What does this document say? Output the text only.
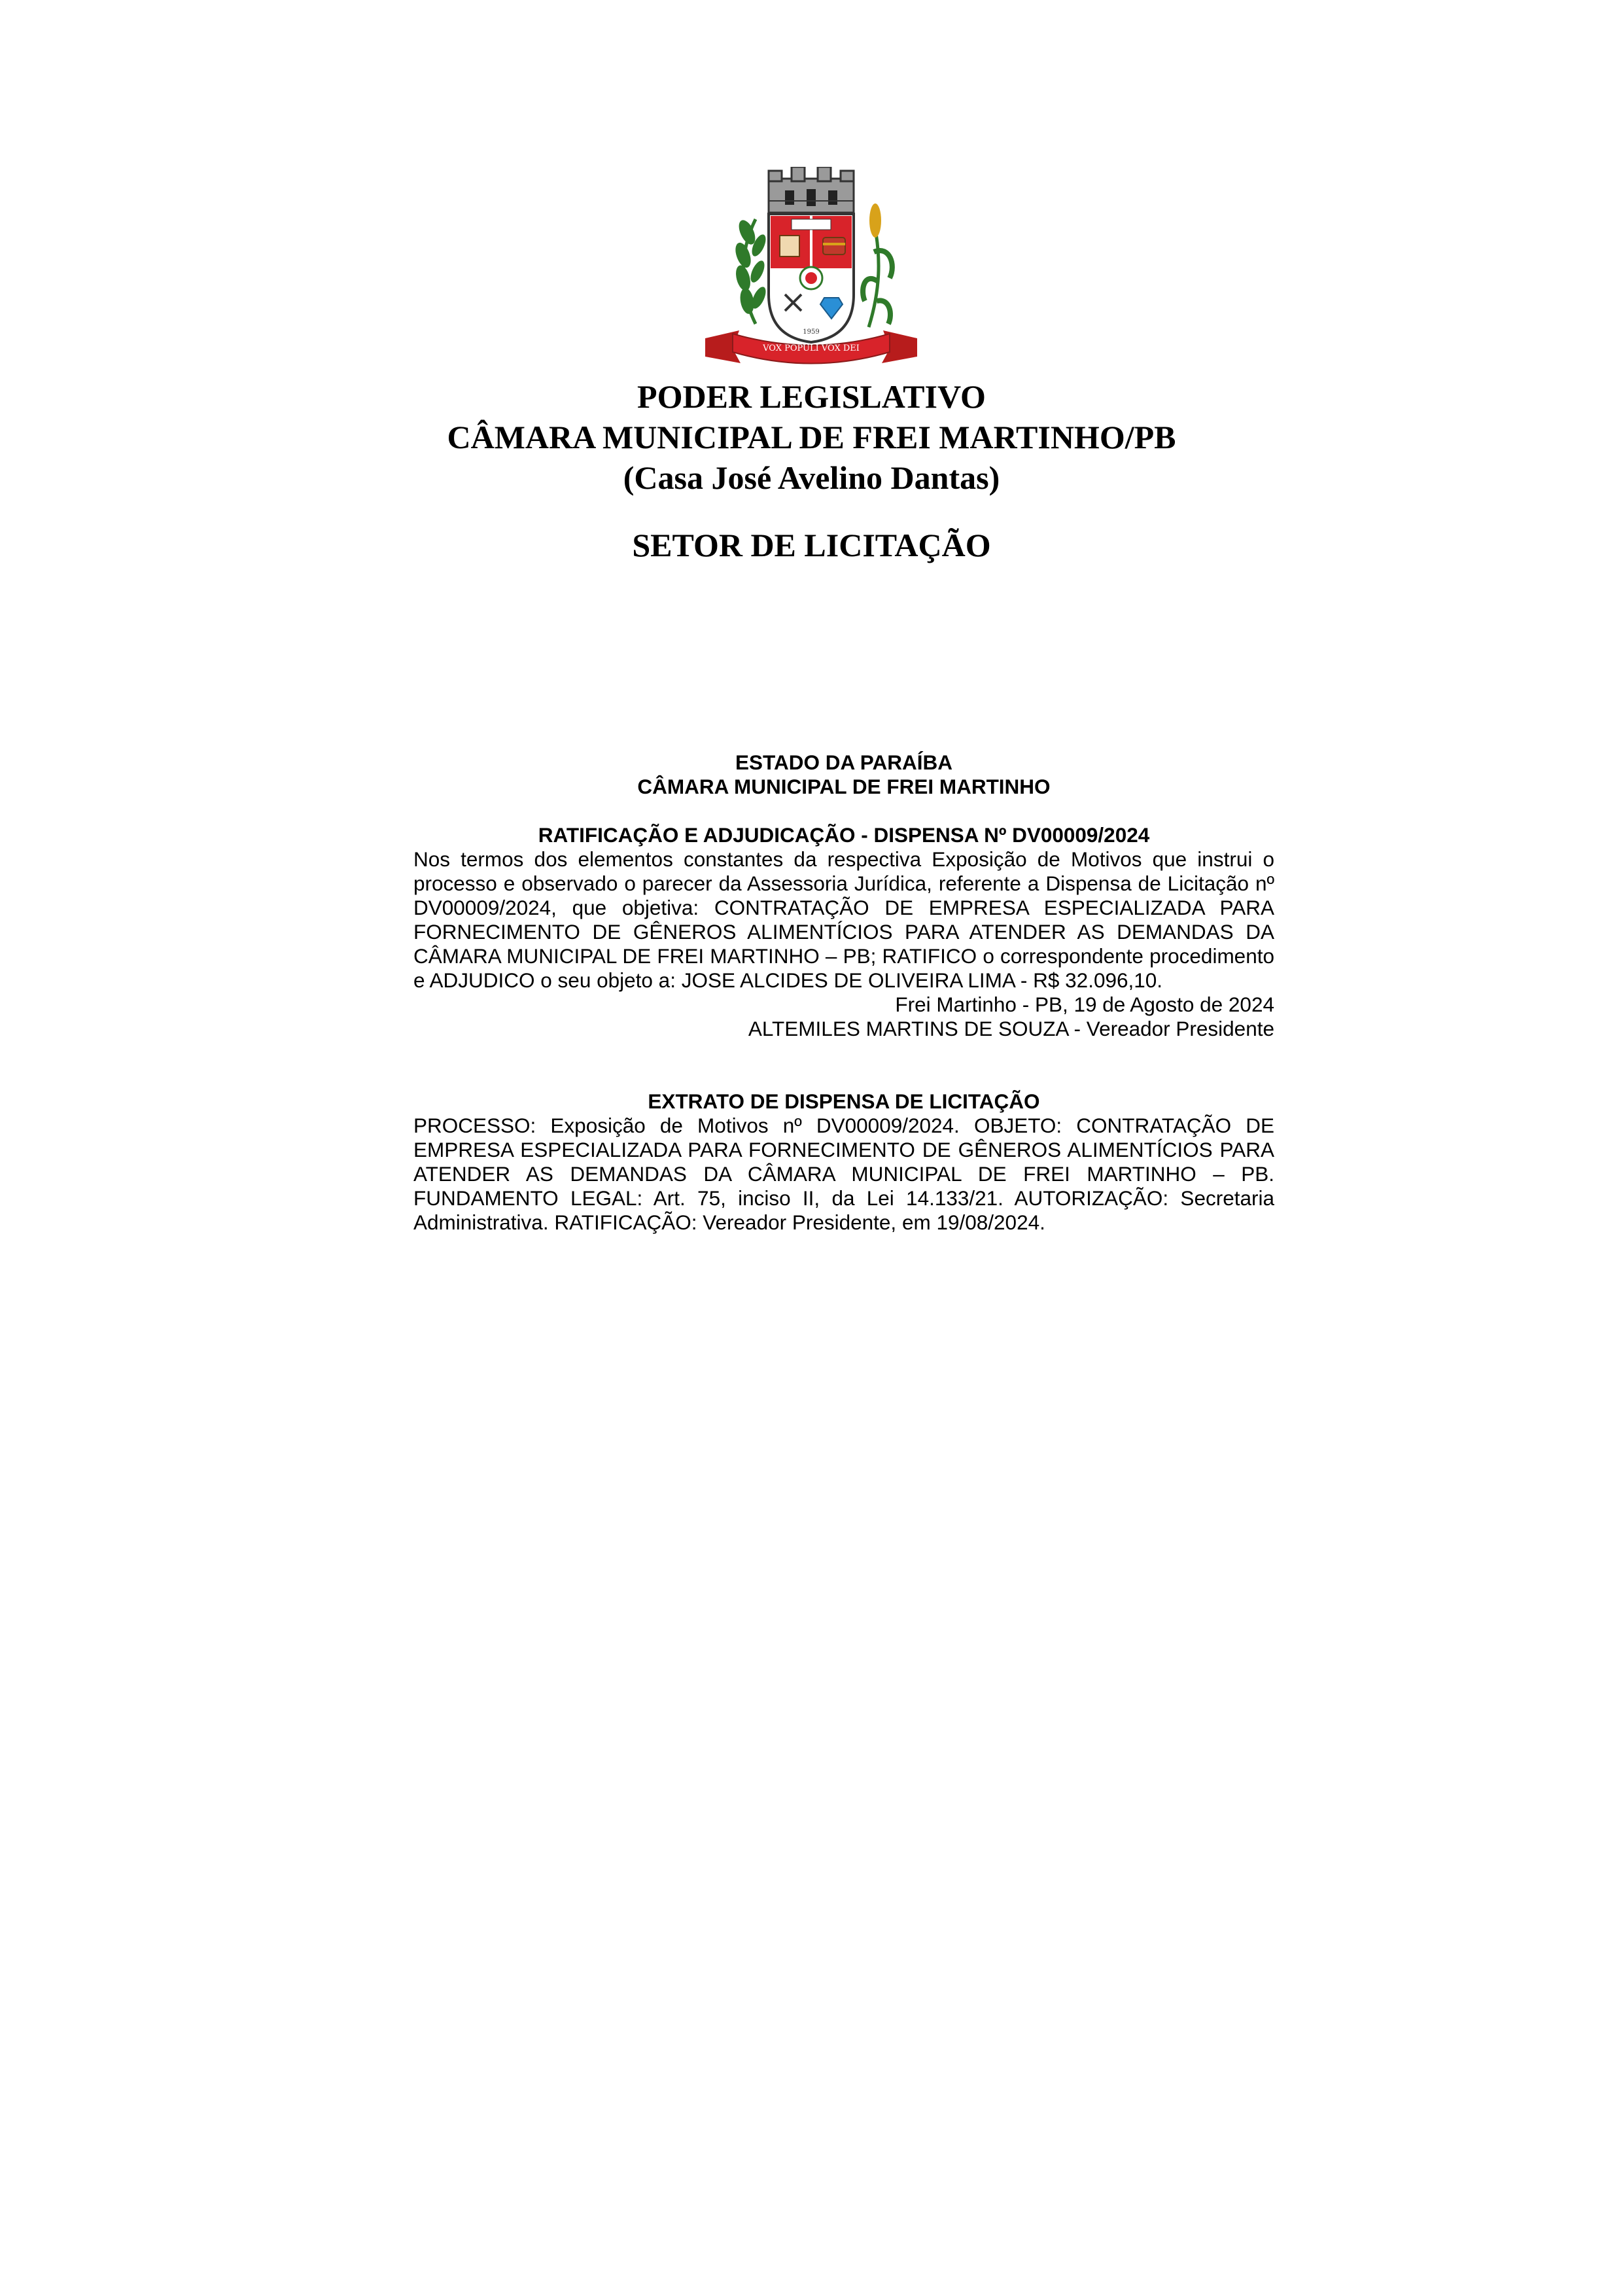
1959
VOX POPULI VOX DEI
PODER LEGISLATIVO
CÂMARA MUNICIPAL DE FREI MARTINHO/PB
(Casa José Avelino Dantas)
SETOR DE LICITAÇÃO
ESTADO DA PARAÍBA
CÂMARA MUNICIPAL DE FREI MARTINHO
RATIFICAÇÃO E ADJUDICAÇÃO - DISPENSA Nº DV00009/2024
Nos termos dos elementos constantes da respectiva Exposição de Motivos que instrui o processo e observado o parecer da Assessoria Jurídica, referente a Dispensa de Licitação nº DV00009/2024, que objetiva: CONTRATAÇÃO DE EMPRESA ESPECIALIZADA PARA FORNECIMENTO DE GÊNEROS ALIMENTÍCIOS PARA ATENDER AS DEMANDAS DA CÂMARA MUNICIPAL DE FREI MARTINHO – PB; RATIFICO o correspondente procedimento e ADJUDICO o seu objeto a: JOSE ALCIDES DE OLIVEIRA LIMA - R$ 32.096,10.
Frei Martinho - PB, 19 de Agosto de 2024
ALTEMILES MARTINS DE SOUZA - Vereador Presidente
EXTRATO DE DISPENSA DE LICITAÇÃO
PROCESSO: Exposição de Motivos nº DV00009/2024. OBJETO: CONTRATAÇÃO DE EMPRESA ESPECIALIZADA PARA FORNECIMENTO DE GÊNEROS ALIMENTÍCIOS PARA ATENDER AS DEMANDAS DA CÂMARA MUNICIPAL DE FREI MARTINHO – PB. FUNDAMENTO LEGAL: Art. 75, inciso II, da Lei 14.133/21. AUTORIZAÇÃO: Secretaria Administrativa. RATIFICAÇÃO: Vereador Presidente, em 19/08/2024.
